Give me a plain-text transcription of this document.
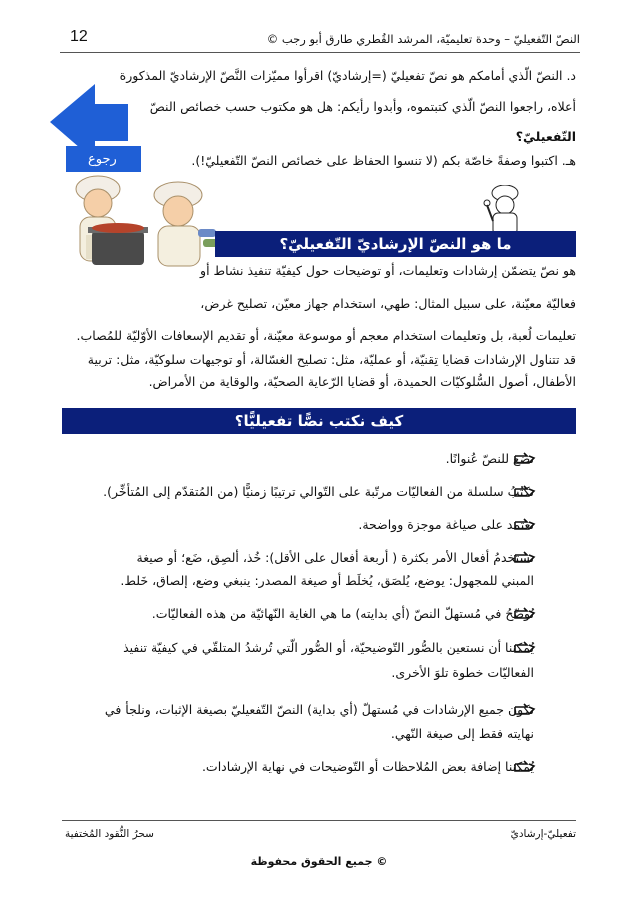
12	النصّ التّفعيليّ – وحدة تعليميّة، المرشد القُطري طارق أبو رجب ©
د. النصّ الّذي أمامكم هو نصّ تفعيليّ (=إرشاديّ) اقرأوا مميّزات النَّصّ الإرشاديّ المذكورة
أعلاه، راجعوا النصّ الّذي كتبتموه، وأبدوا رأيكم: هل هو مكتوب حسب خصائص النصّ
التّفعيليّ؟
هـ. اكتبوا وصفةً خاصّة بكم (لا تنسوا الحفاظ على خصائص النصّ التّفعيليّ!).
رجوع
ما هو النصّ الإرشاديّ التّفعيليّ؟
هو نصّ يتضمّن إرشادات وتعليمات، أو توضيحات حول كيفيّة تنفيذ نشاط أو
فعاليّة معيّنة، على سبيل المثال: طهي، استخدام جهاز معيّن، تصليح غرض،
تعليمات لُعبة، بل وتعليمات استخدام معجم أو موسوعة معيّنة، أو تقديم الإسعافات الأوّليّة للمُصاب.
قد تتناول الإرشادات قضايا تِقنيّة، أو عمليّة، مثل: تصليح الغسّالة، أو توجيهات سلوكيّة، مثل: تربية
الأطفال، أصول السُّلوكيّات الحميدة، أو قضايا الرّعاية الصحيّة، والوقاية من الأمراض.
كيف نكتب نصًّا تفعيليًّا؟
نضع للنصّ عُنوانًا.
نكتُبُ سلسلة من الفعاليّات مرتّبة على التّوالي ترتيبًا زمنيًّا (من المُتقدّم إلى المُتأخِّر).
نعتمد على صياغة موجزة وواضحة.
نستخدمُ أفعال الأمر بكثرة ( أربعة أفعال على الأقل): خُذ، ألصِق، ضَع؛ أو صيغة
المبني للمجهول: يوضع، يُلصَق، يُخلَط أو صيغة المصدر: ينبغي وضع، إلصاق، خَلط.
نُوضّحُ في مُستهلّ النصّ (أي بدايته) ما هي الغاية النّهائيّة من هذه الفعاليّات.
يُمكننا أن نستعين بالصُّور التّوضيحيّة، أو الصُّور الّتي تُرشدُ المتلقّي في كيفيّة تنفيذ
الفعاليّات خطوة تلوَ الأخرى.
تكون جميع الإرشادات في مُستهلّ (أي بداية) النصّ التّفعيليّ بصيغة الإثبات، ونلجأ في
نهايته فقط إلى صيغة النّهي.
يُمكننا إضافة بعض المُلاحظات أو التّوضيحات في نهاية الإرشادات.
سحرُ النُّقود المُختفية	تفعيليّ-إرشاديّ
© جميع الحقوق محفوظة
